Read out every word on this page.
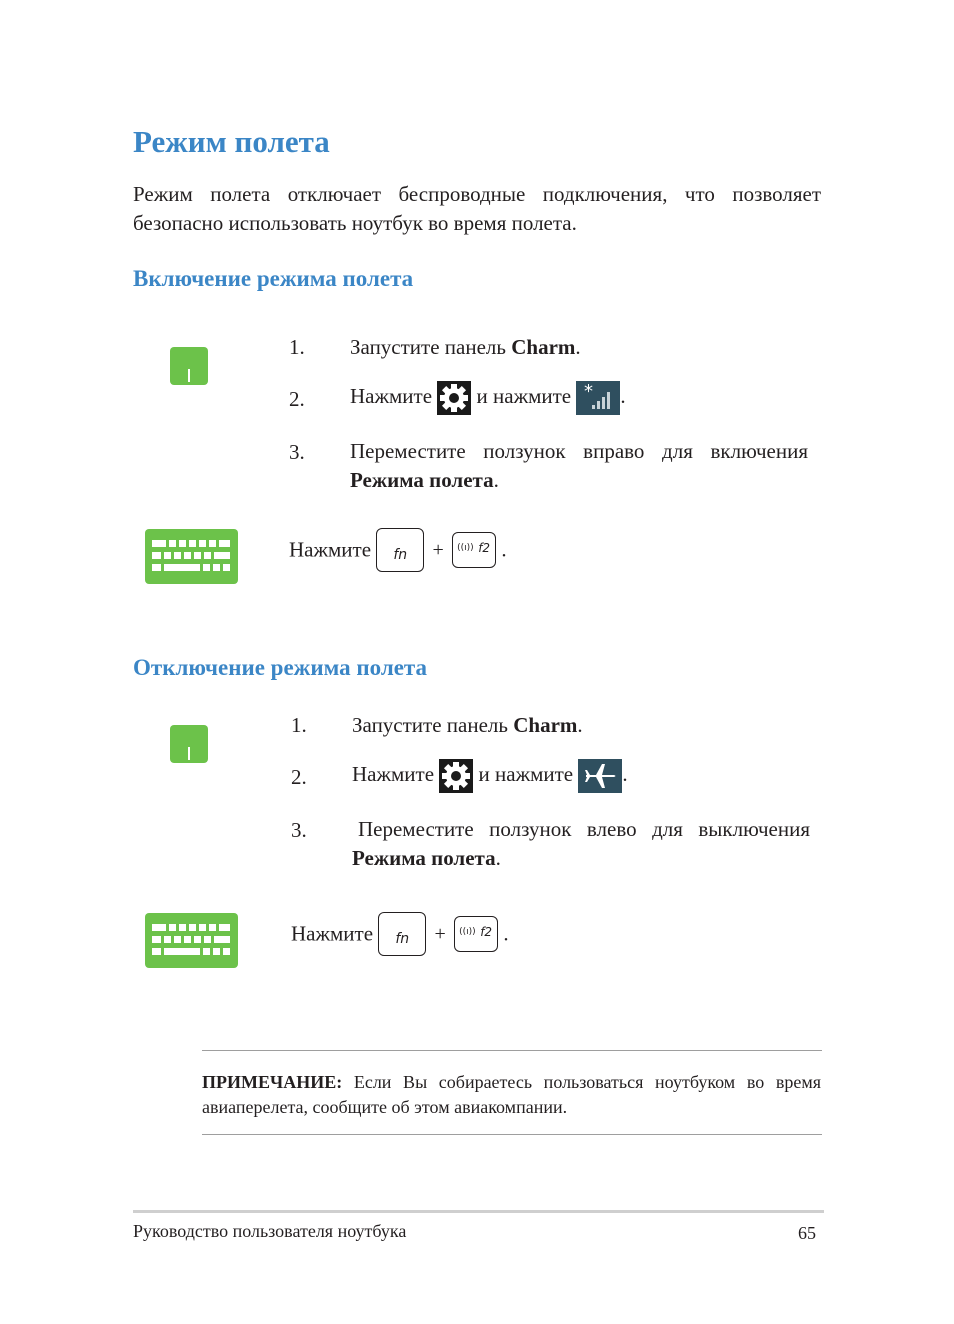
Режим полета

Режим полета отключает беспроводные подключения, что позволяет безопасно использовать ноутбук во время полета.

Включение режима полета
1. Запустите панель Charm.
2. Нажмите и нажмите * .
3. Переместите ползунок вправо для включения Режима полета.
Нажмите	fn	+	f2
((ı)) .
Отключение режима полета
1. Запустите панель Charm.
2. Нажмите и нажмите .
3. Переместите ползунок влево для выключения Режима полета.
Нажмите	fn	+	f2
((ı)) .

ПРИМЕЧАНИЕ: Если Вы собираетесь пользоваться ноутбуком во время авиаперелета, сообщите об этом авиакомпании.

Руководство пользователя ноутбука	65
